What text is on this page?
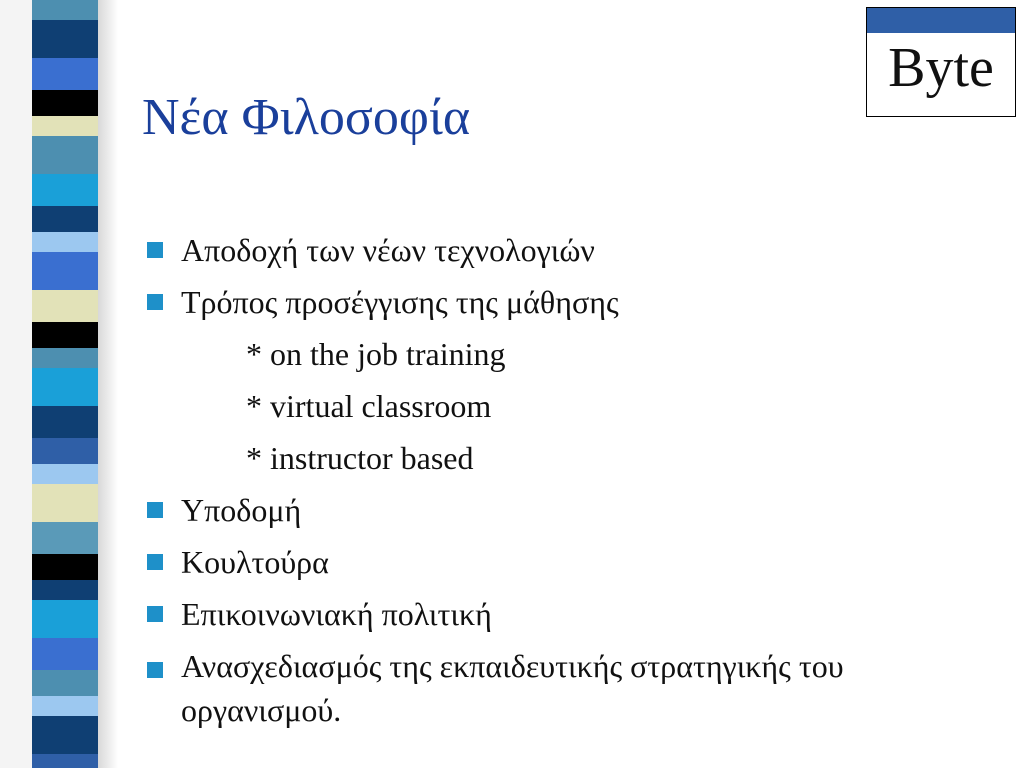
Byte
Νέα Φιλοσοφία
Αποδοχή των νέων τεχνολογιών
Τρόπος προσέγγισης της μάθησης
* on the job training
* virtual classroom
* instructor based
Υποδομή
Κουλτούρα
Επικοινωνιακή πολιτική
Ανασχεδιασμός της εκπαιδευτικής στρατηγικής του οργανισμού.
